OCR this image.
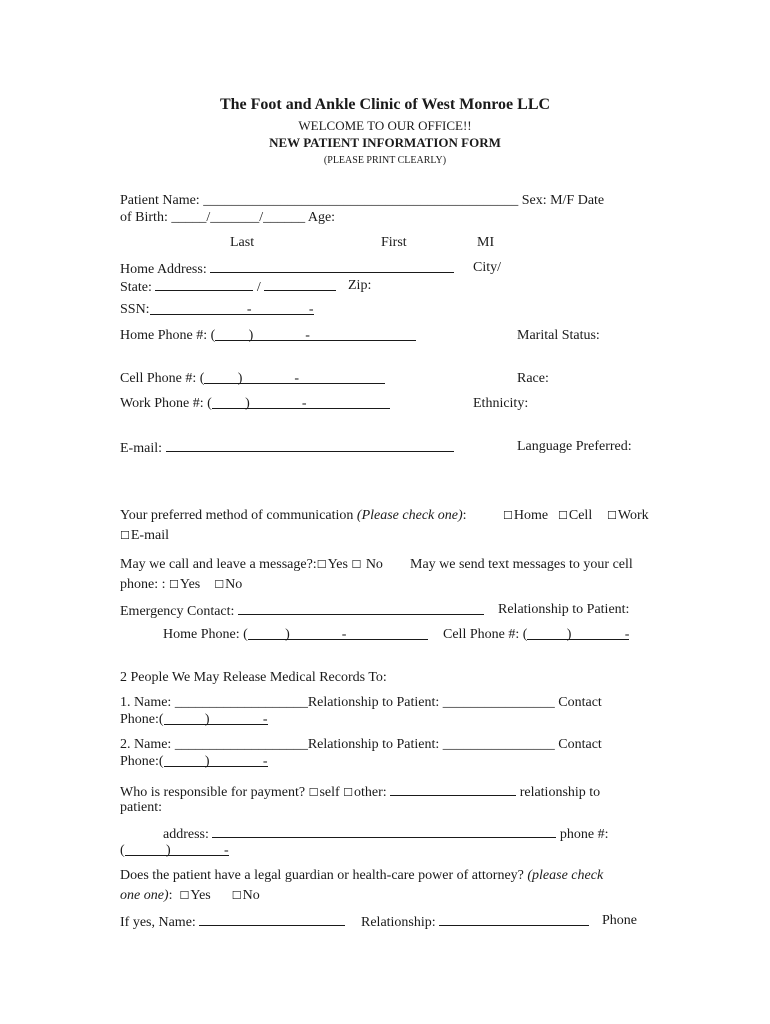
The Foot and Ankle Clinic of West Monroe LLC
WELCOME TO OUR OFFICE!!
NEW PATIENT INFORMATION FORM
(PLEASE PRINT CLEARLY)
Patient Name: _____________________________________________ Sex: M/F Date
of Birth: _____/_______/______ Age:
Last	First	MI
Home Address:	City/
State:	/	Zip:
SSN:	-	-
Home Phone #: ( )	-	Marital Status:
Cell Phone #: ( )	-	Race:
Work Phone #: ( )	-	Ethnicity:
E-mail:	Language Preferred:
Your preferred method of communication (Please check one):	☐Home ☐Cell ☐Work
☐E-mail
May we call and leave a message?:☐Yes ☐ No May we send text messages to your cell
phone: : ☐Yes ☐No
Emergency Contact:	Relationship to Patient:
Home Phone: (	)	-	Cell Phone #: (	)	-
2 People We May Release Medical Records To:
1. Name: ___________________Relationship to Patient: ________________ Contact
Phone:(	)	-
2. Name: ___________________Relationship to Patient: ________________ Contact
Phone:(	)	-
Who is responsible for payment? ☐self ☐other:	relationship to
patient:
address:	phone #:
(	)	-
Does the patient have a legal guardian or health-care power of attorney? (please check
one one): ☐Yes ☐No
If yes, Name:	Relationship:	Phone
